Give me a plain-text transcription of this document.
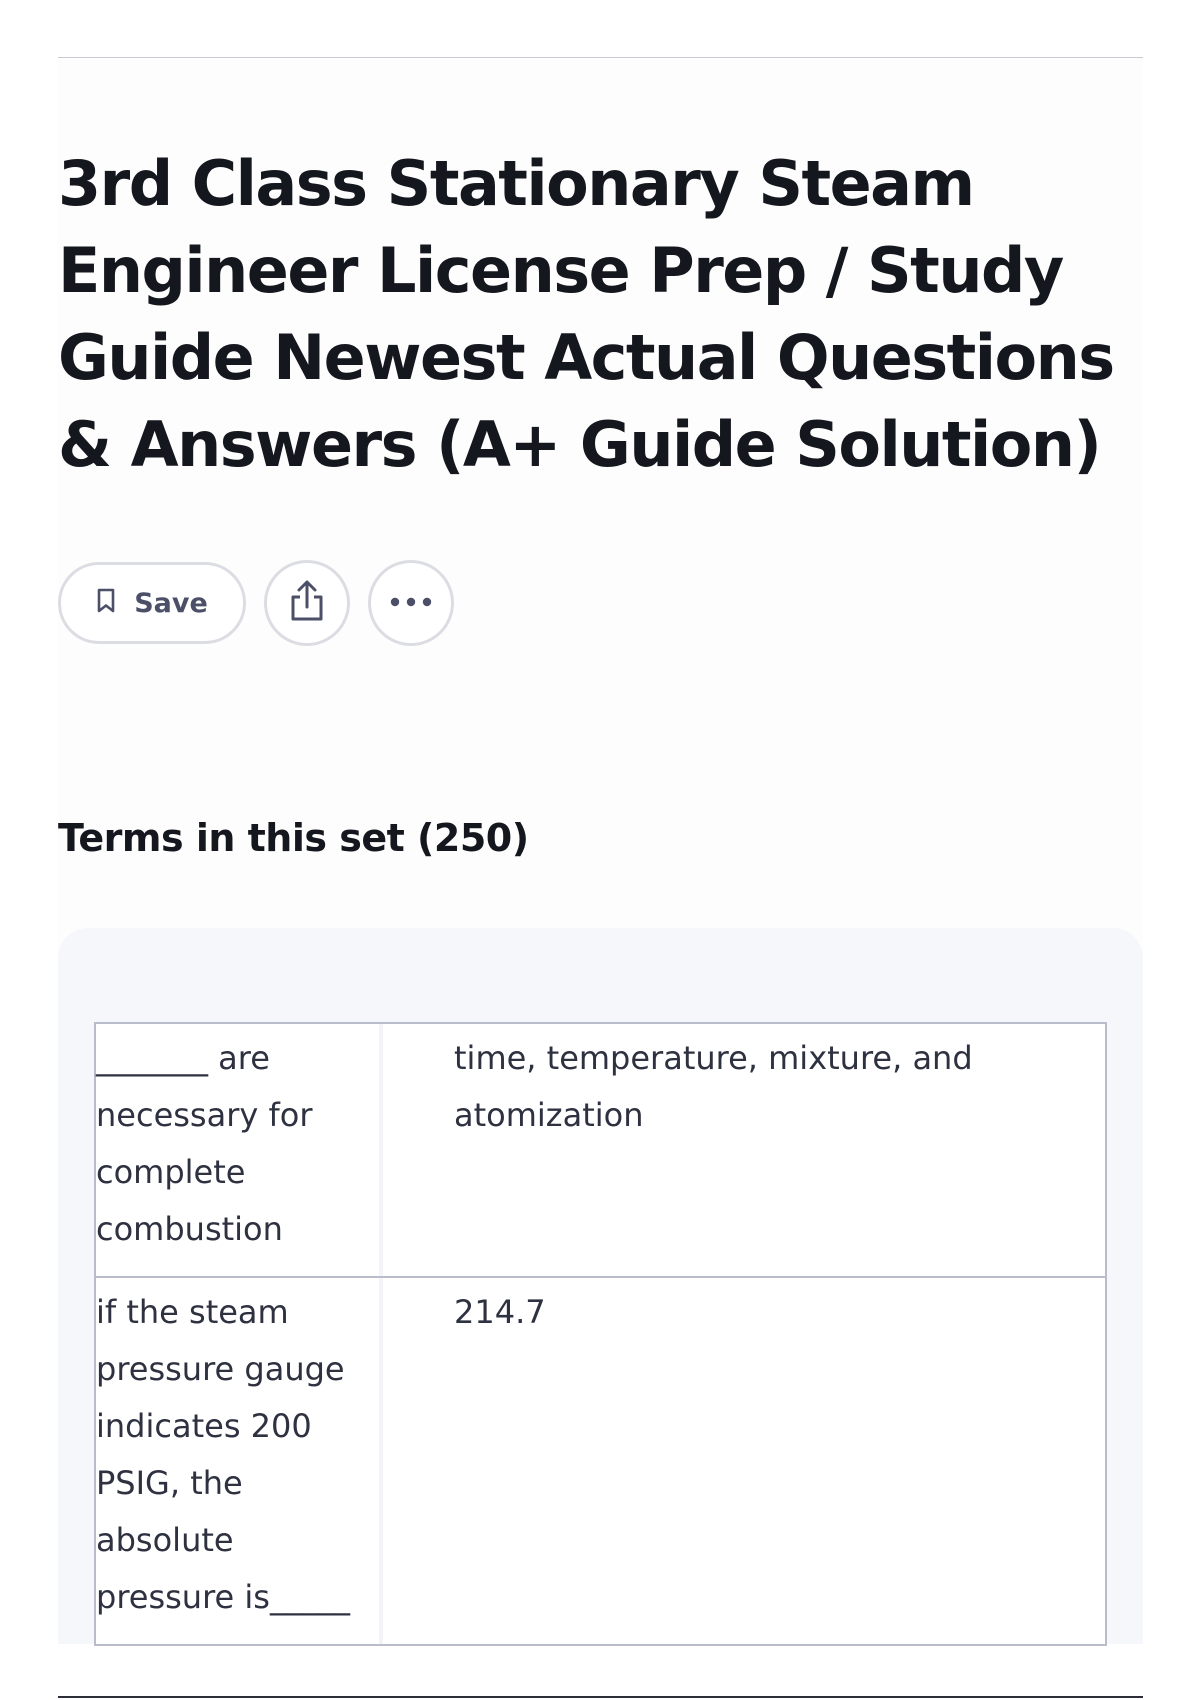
3rd Class Stationary Steam Engineer License Prep / Study Guide Newest Actual Questions & Answers (A+ Guide Solution)
Save
Terms in this set (250)
_______ are
necessary for
complete
combustion
time, temperature, mixture, and atomization
if the steam
pressure gauge
indicates 200
PSIG, the
absolute
pressure is_____
214.7
